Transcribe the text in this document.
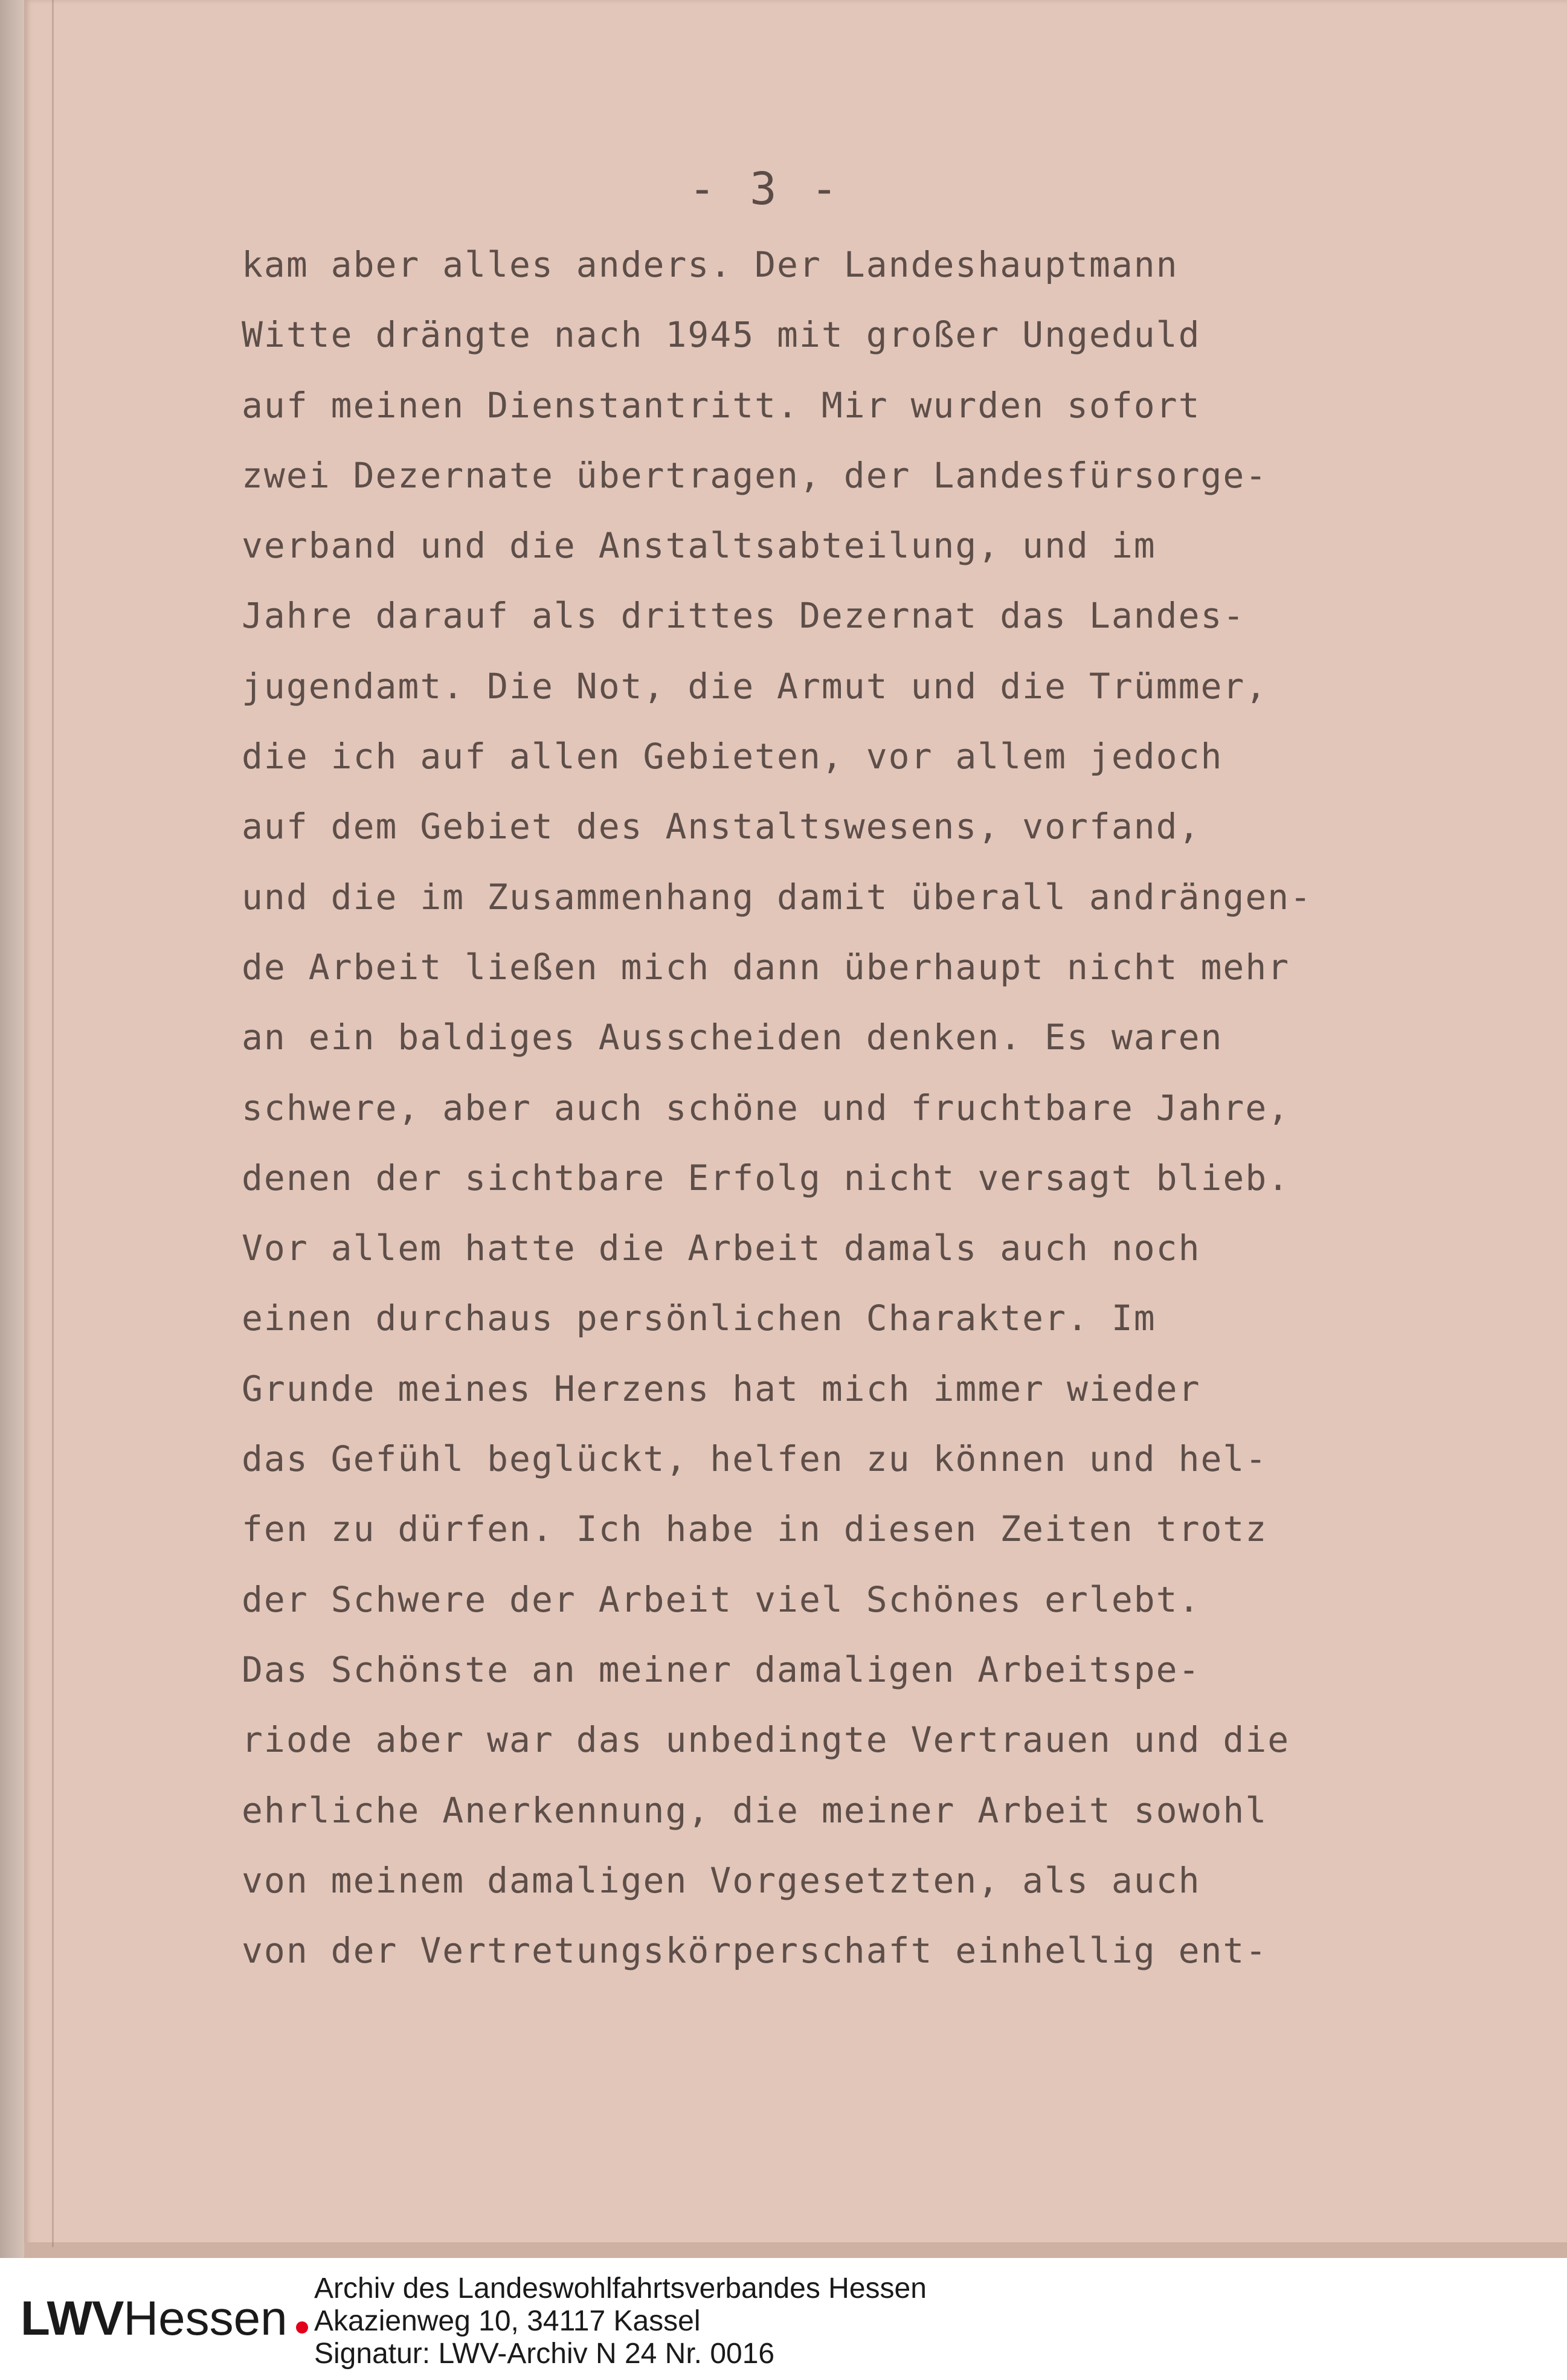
- 3 -
kam aber alles anders. Der Landeshauptmann
Witte drängte nach 1945 mit großer Ungeduld
auf meinen Dienstantritt. Mir wurden sofort
zwei Dezernate übertragen, der Landesfürsorge-
verband und die Anstaltsabteilung, und im
Jahre darauf als drittes Dezernat das Landes-
jugendamt. Die Not, die Armut und die Trümmer,
die ich auf allen Gebieten, vor allem jedoch
auf dem Gebiet des Anstaltswesens, vorfand,
und die im Zusammenhang damit überall andrängen-
de Arbeit ließen mich dann überhaupt nicht mehr
an ein baldiges Ausscheiden denken. Es waren
schwere, aber auch schöne und fruchtbare Jahre,
denen der sichtbare Erfolg nicht versagt blieb.
Vor allem hatte die Arbeit damals auch noch
einen durchaus persönlichen Charakter. Im
Grunde meines Herzens hat mich immer wieder
das Gefühl beglückt, helfen zu können und hel-
fen zu dürfen. Ich habe in diesen Zeiten trotz
der Schwere der Arbeit viel Schönes erlebt.
Das Schönste an meiner damaligen Arbeitspe-
riode aber war das unbedingte Vertrauen und die
ehrliche Anerkennung, die meiner Arbeit sowohl
von meinem damaligen Vorgesetzten, als auch
von der Vertretungskörperschaft einhellig ent-
LWV Hessen
Archiv des Landeswohlfahrtsverbandes Hessen
Akazienweg 10, 34117 Kassel
Signatur: LWV-Archiv N 24 Nr. 0016
